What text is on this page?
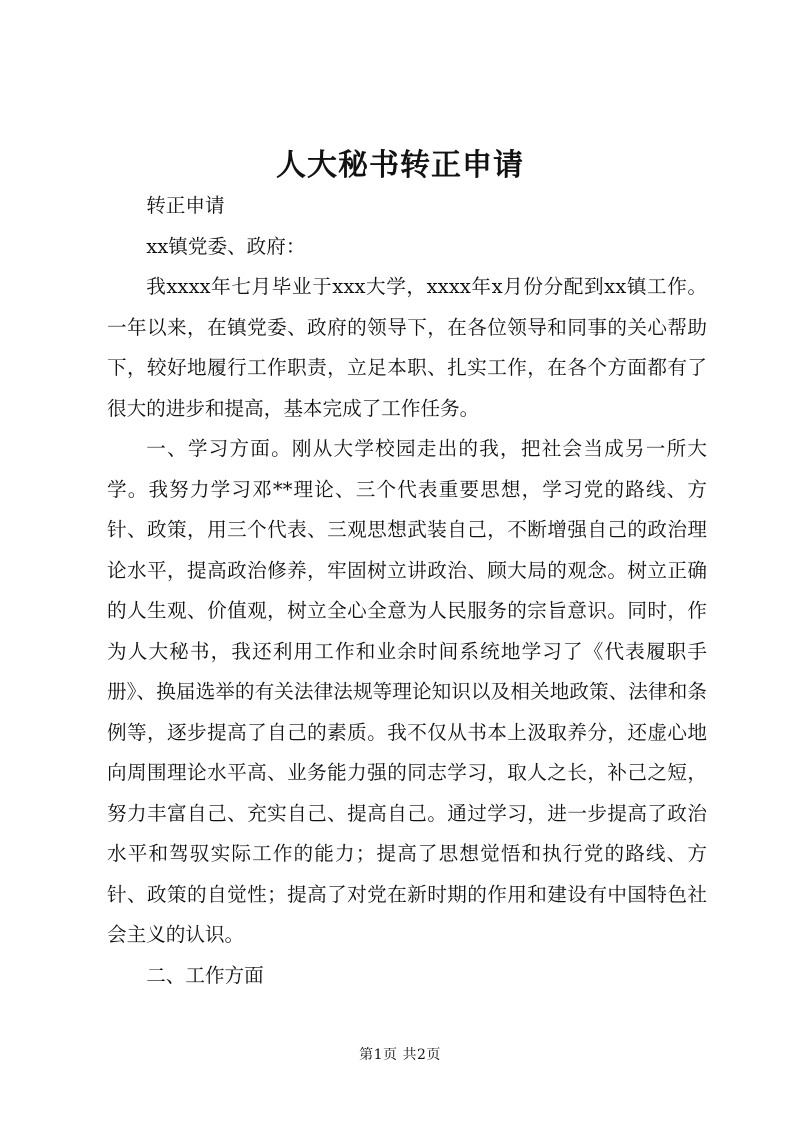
人大秘书转正申请

转正申请

xx镇党委、政府：

我xxxx年七月毕业于xxx大学，xxxx年x月份分配到xx镇工作。一年以来，在镇党委、政府的领导下，在各位领导和同事的关心帮助下，较好地履行工作职责，立足本职、扎实工作，在各个方面都有了很大的进步和提高，基本完成了工作任务。

一、学习方面。刚从大学校园走出的我，把社会当成另一所大学。我努力学习邓**理论、三个代表重要思想，学习党的路线、方针、政策，用三个代表、三观思想武装自己，不断增强自己的政治理论水平，提高政治修养，牢固树立讲政治、顾大局的观念。树立正确的人生观、价值观，树立全心全意为人民服务的宗旨意识。同时，作为人大秘书，我还利用工作和业余时间系统地学习了《代表履职手册》、换届选举的有关法律法规等理论知识以及相关地政策、法律和条例等，逐步提高了自己的素质。我不仅从书本上汲取养分，还虚心地向周围理论水平高、业务能力强的同志学习，取人之长，补己之短，努力丰富自己、充实自己、提高自己。通过学习，进一步提高了政治水平和驾驭实际工作的能力；提高了思想觉悟和执行党的路线、方针、政策的自觉性；提高了对党在新时期的作用和建设有中国特色社会主义的认识。

二、工作方面

第1页 共2页
